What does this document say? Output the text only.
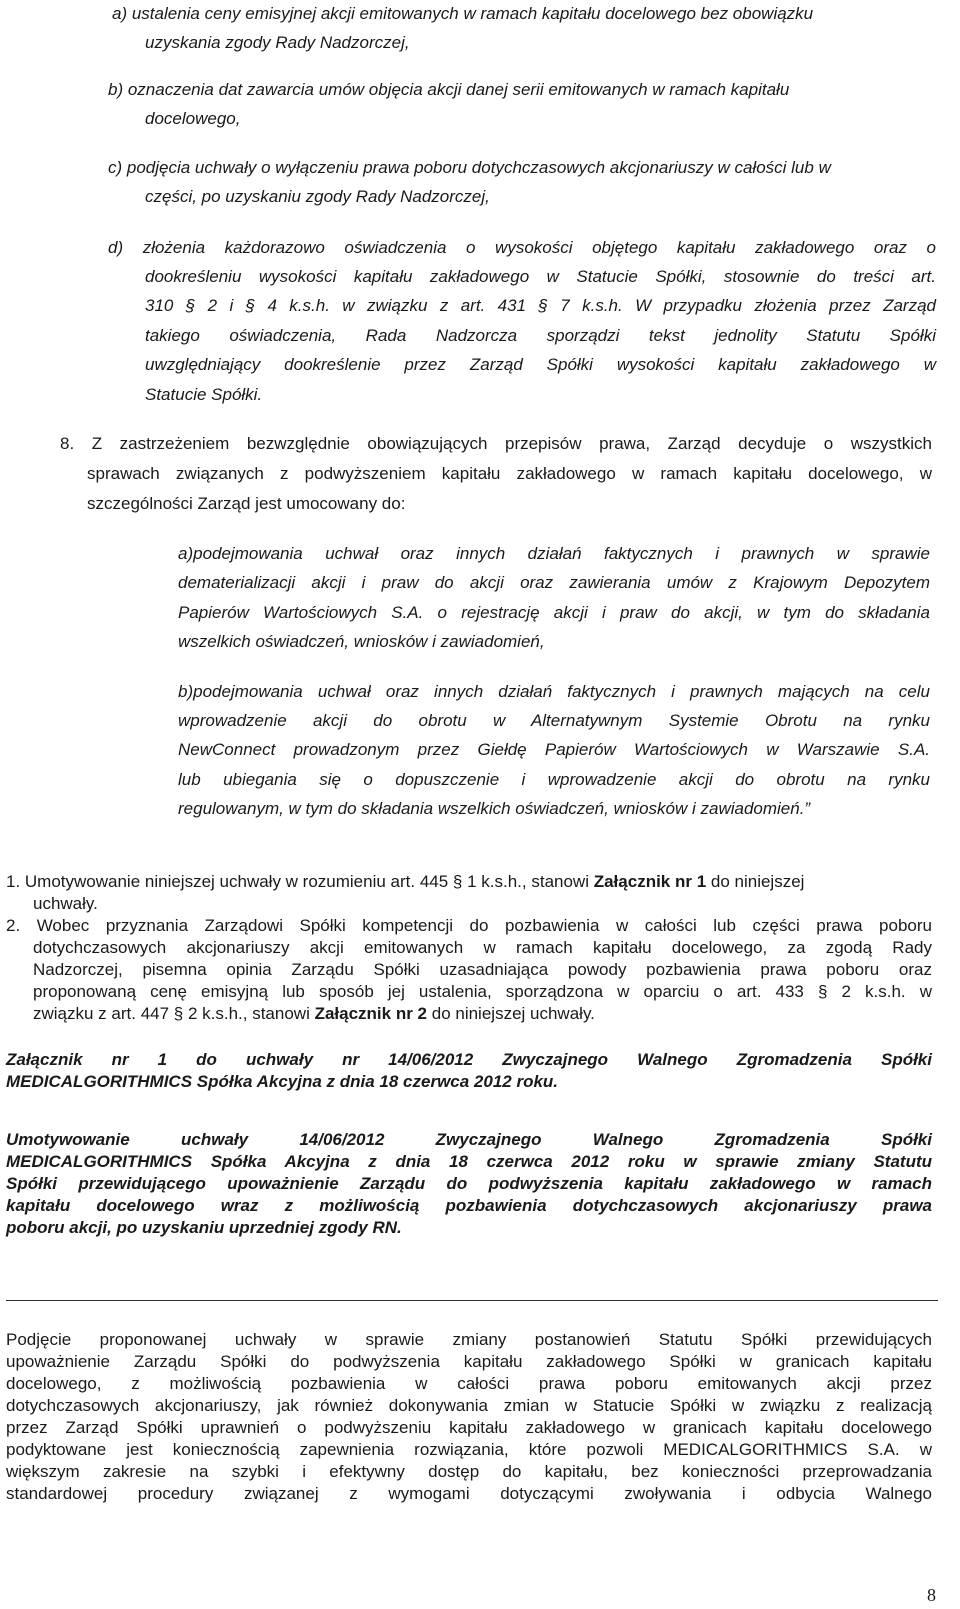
a) ustalenia ceny emisyjnej akcji emitowanych w ramach kapitału docelowego bez obowiązku
uzyskania zgody Rady Nadzorczej,
b) oznaczenia dat zawarcia umów objęcia akcji danej serii emitowanych w ramach kapitału
docelowego,
c) podjęcia uchwały o wyłączeniu prawa poboru dotychczasowych akcjonariuszy w całości lub w
części, po uzyskaniu zgody Rady Nadzorczej,
d) złożenia każdorazowo oświadczenia o wysokości objętego kapitału zakładowego oraz o
dookreśleniu wysokości kapitału zakładowego w Statucie Spółki, stosownie do treści art.
310 § 2 i § 4 k.s.h. w związku z art. 431 § 7 k.s.h. W przypadku złożenia przez Zarząd
takiego oświadczenia, Rada Nadzorcza sporządzi tekst jednolity Statutu Spółki
uwzględniający dookreślenie przez Zarząd Spółki wysokości kapitału zakładowego w
Statucie Spółki.
8. Z zastrzeżeniem bezwzględnie obowiązujących przepisów prawa, Zarząd decyduje o wszystkich
sprawach związanych z podwyższeniem kapitału zakładowego w ramach kapitału docelowego, w
szczególności Zarząd jest umocowany do:
a)podejmowania uchwał oraz innych działań faktycznych i prawnych w sprawie
dematerializacji akcji i praw do akcji oraz zawierania umów z Krajowym Depozytem
Papierów Wartościowych S.A. o rejestrację akcji i praw do akcji, w tym do składania
wszelkich oświadczeń, wniosków i zawiadomień,
b)podejmowania uchwał oraz innych działań faktycznych i prawnych mających na celu
wprowadzenie akcji do obrotu w Alternatywnym Systemie Obrotu na rynku
NewConnect prowadzonym przez Giełdę Papierów Wartościowych w Warszawie S.A.
lub ubiegania się o dopuszczenie i wprowadzenie akcji do obrotu na rynku
regulowanym, w tym do składania wszelkich oświadczeń, wniosków i zawiadomień.”
1. Umotywowanie niniejszej uchwały w rozumieniu art. 445 § 1 k.s.h., stanowi Załącznik nr 1 do niniejszej
uchwały.
2. Wobec przyznania Zarządowi Spółki kompetencji do pozbawienia w całości lub części prawa poboru
dotychczasowych akcjonariuszy akcji emitowanych w ramach kapitału docelowego, za zgodą Rady
Nadzorczej, pisemna opinia Zarządu Spółki uzasadniająca powody pozbawienia prawa poboru oraz
proponowaną cenę emisyjną lub sposób jej ustalenia, sporządzona w oparciu o art. 433 § 2 k.s.h. w
związku z art. 447 § 2 k.s.h., stanowi Załącznik nr 2 do niniejszej uchwały.
Załącznik nr 1 do uchwały nr 14/06/2012 Zwyczajnego Walnego Zgromadzenia Spółki
MEDICALGORITHMICS Spółka Akcyjna z dnia 18 czerwca 2012 roku.
Umotywowanie uchwały 14/06/2012 Zwyczajnego Walnego Zgromadzenia Spółki
MEDICALGORITHMICS Spółka Akcyjna z dnia 18 czerwca 2012 roku w sprawie zmiany Statutu
Spółki przewidującego upoważnienie Zarządu do podwyższenia kapitału zakładowego w ramach
kapitału docelowego wraz z możliwością pozbawienia dotychczasowych akcjonariuszy prawa
poboru akcji, po uzyskaniu uprzedniej zgody RN.
Podjęcie proponowanej uchwały w sprawie zmiany postanowień Statutu Spółki przewidujących
upoważnienie Zarządu Spółki do podwyższenia kapitału zakładowego Spółki w granicach kapitału
docelowego, z możliwością pozbawienia w całości prawa poboru emitowanych akcji przez
dotychczasowych akcjonariuszy, jak również dokonywania zmian w Statucie Spółki w związku z realizacją
przez Zarząd Spółki uprawnień o podwyższeniu kapitału zakładowego w granicach kapitału docelowego
podyktowane jest koniecznością zapewnienia rozwiązania, które pozwoli MEDICALGORITHMICS S.A. w
większym zakresie na szybki i efektywny dostęp do kapitału, bez konieczności przeprowadzania
standardowej procedury związanej z wymogami dotyczącymi zwoływania i odbycia Walnego
8
